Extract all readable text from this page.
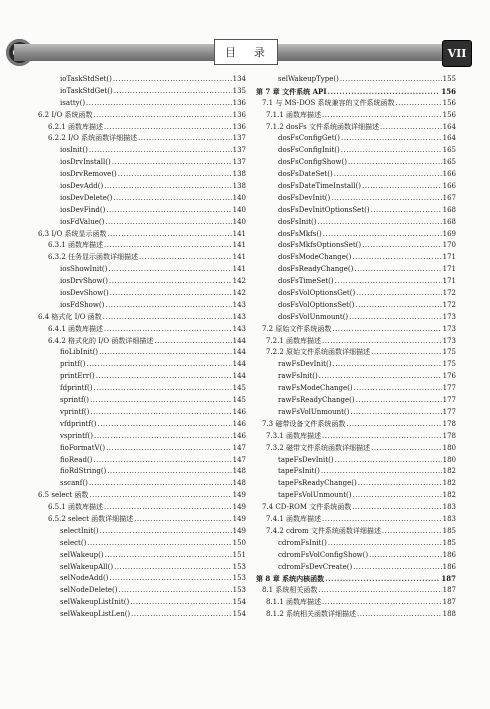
目 录	VII
ioTaskStdSet() .....	134
ioTaskStdGet() .....	135
isatty() .....	136
6.2 I/O 系统函数 .....	136
6.2.1 函数库描述 .....	136
6.2.2 I/O 系统函数详细描述 .....	137
iosInit() .....	137
iosDrvInstall() .....	137
iosDrvRemove() .....	138
iosDevAdd() .....	138
iosDevDelete() .....	140
iosDevFind() .....	140
iosFdValue() .....	140
6.3 I/O 系统显示函数 .....	141
6.3.1 函数库描述 .....	141
6.3.2 任务显示函数详细描述 .....	141
iosShowInit() .....	141
iosDrvShow() .....	142
iosDevShow() .....	142
iosFdShow() .....	143
6.4 格式化 I/O 函数 .....	143
6.4.1 函数库描述 .....	143
6.4.2 格式化的 I/O 函数详细描述 .....	144
fioLibInit() .....	144
printf() .....	144
printErr() .....	144
fdprintf() .....	145
sprintf() .....	145
vprintf() .....	146
vfdprintf() .....	146
vsprintf() .....	146
fioFormatV() .....	147
fioRead() .....	147
fioRdString() .....	148
sscanf() .....	148
6.5 select 函数 .....	149
6.5.1 函数库描述 .....	149
6.5.2 select 函数详细描述 .....	149
selectInit() .....	149
select() .....	150
selWakeup() .....	151
selWakeupAll() .....	153
selNodeAdd() .....	153
selNodeDelete() .....	153
selWakeupListInit() .....	154
selWakeupListLen() .....	154
selWakeupType() .....	155
第 7 章 文件系统 API .....	156
7.1 与 MS-DOS 系统兼容的文件系统函数 .....	156
7.1.1 函数库描述 .....	156
7.1.2 dosFs 文件系统函数详细描述 .....	164
dosFsConfigGet() .....	164
dosFsConfigInit() .....	165
dosFsConfigShow() .....	165
dosFsDateSet() .....	166
dosFsDateTimeInstall() .....	166
dosFsDevInit() .....	167
dosFsDevInitOptionsSet() .....	168
dosFsInit() .....	168
dosFsMkfs() .....	169
dosFsMkfsOptionsSet() .....	170
dosFsModeChange() .....	171
dosFsReadyChange() .....	171
dosFsTimeSet() .....	171
dosFsVolOptionsGet() .....	172
dosFsVolOptionsSet() .....	172
dosFsVolUnmount() .....	173
7.2 原始文件系统函数 .....	173
7.2.1 函数库描述 .....	173
7.2.2 原始文件系统函数详细描述 .....	175
rawFsDevInit() .....	175
rawFsInit() .....	176
rawFsModeChange() .....	177
rawFsReadyChange() .....	177
rawFsVolUnmount() .....	177
7.3 磁带设备文件系统函数 .....	178
7.3.1 函数库描述 .....	178
7.3.2 磁带文件系统函数详细描述 .....	180
tapeFsDevInit() .....	180
tapeFsInit() .....	182
tapeFsReadyChange() .....	182
tapeFsVolUnmount() .....	182
7.4 CD-ROM 文件系统函数 .....	183
7.4.1 函数库描述 .....	183
7.4.2 cdrom 文件系统函数详细描述 .....	185
cdromFsInit() .....	185
cdromFsVolConfigShow() .....	186
cdromFsDevCreate() .....	186
第 8 章 系统内核函数 .....	187
8.1 系统相关函数 .....	187
8.1.1 函数库描述 .....	187
8.1.2 系统相关函数详细描述 .....	188
